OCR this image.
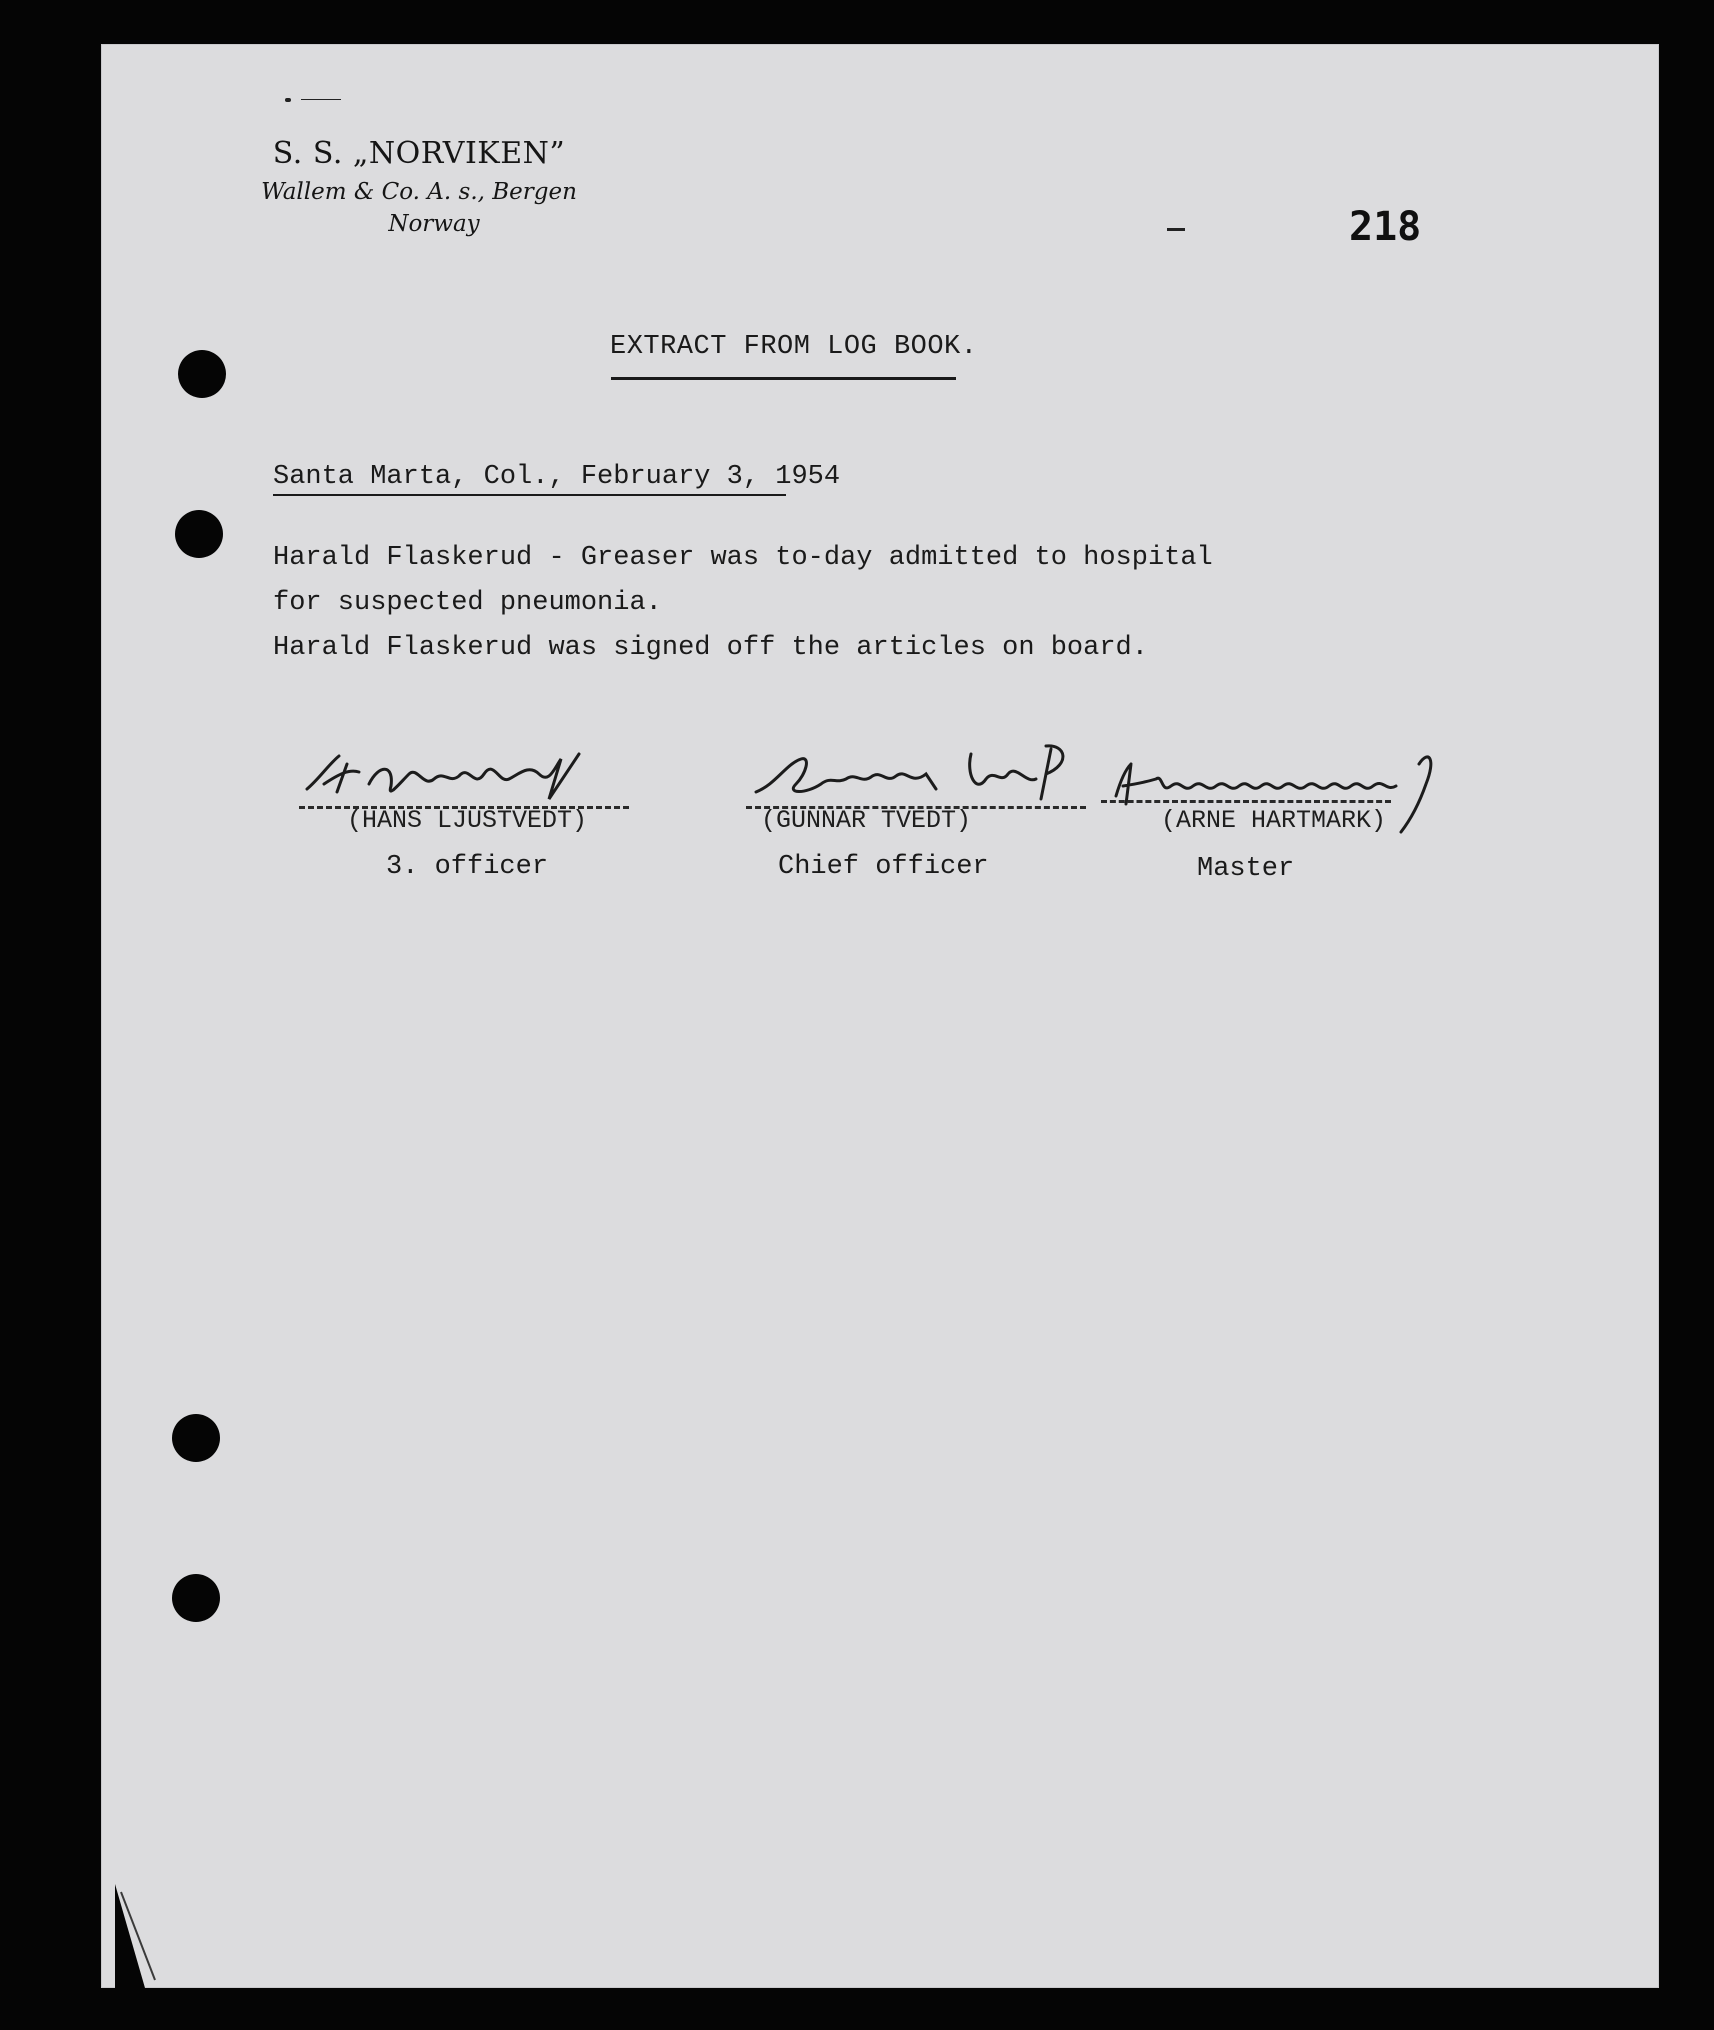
S. S. „NORVIKEN”
Wallem & Co. A. s., Bergen
Norway	218
EXTRACT FROM LOG BOOK.
Santa Marta, Col., February 3, 1954
Harald Flaskerud - Greaser was to-day admitted to hospital
for suspected pneumonia.
Harald Flaskerud was signed off the articles on board.
(HANS LJUSTVEDT)
3. officer
(GUNNAR TVEDT)
Chief officer
(ARNE HARTMARK)
Master
